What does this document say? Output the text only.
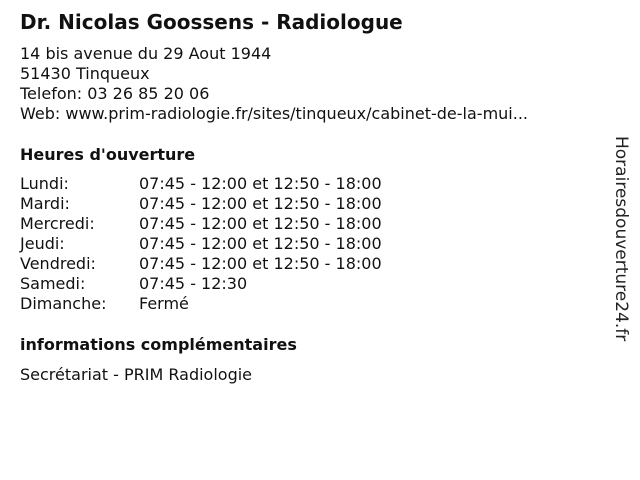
Dr. Nicolas Goossens - Radiologue
14 bis avenue du 29 Aout 1944
51430 Tinqueux
Telefon: 03 26 85 20 06
Web: www.prim-radiologie.fr/sites/tinqueux/cabinet-de-la-mui...
Heures d'ouverture
Lundi:	07:45 - 12:00 et 12:50 - 18:00
Mardi:	07:45 - 12:00 et 12:50 - 18:00
Mercredi:	07:45 - 12:00 et 12:50 - 18:00
Jeudi:	07:45 - 12:00 et 12:50 - 18:00
Vendredi:	07:45 - 12:00 et 12:50 - 18:00
Samedi:	07:45 - 12:30
Dimanche: Fermé
informations complémentaires
Secrétariat - PRIM Radiologie
Horairesdouverture24.fr
